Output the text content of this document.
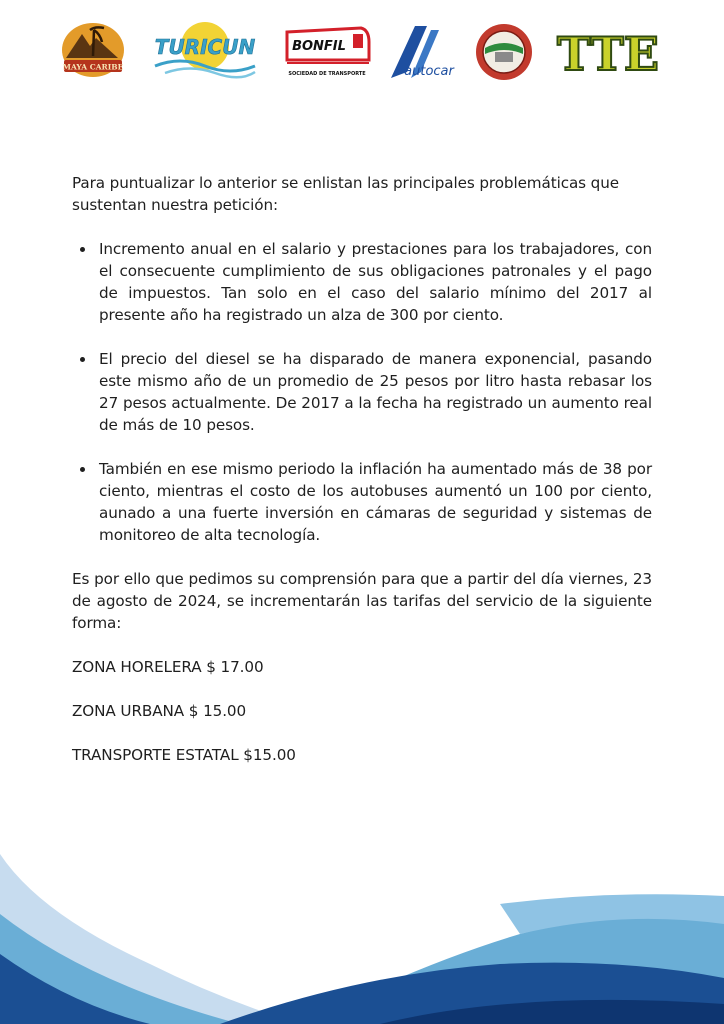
MAYA CARIBE
TURICUN	BONFIL
SOCIEDAD DE TRANSPORTE	autocar TTE

Para puntualizar lo anterior se enlistan las principales problemáticas que sustentan nuestra petición:

Incremento anual en el salario y prestaciones para los trabajadores, con el consecuente cumplimiento de sus obligaciones patronales y el pago de impuestos. Tan solo en el caso del salario mínimo del 2017 al presente año ha registrado un alza de 300 por ciento.
El precio del diesel se ha disparado de manera exponencial, pasando este mismo año de un promedio de 25 pesos por litro hasta rebasar los 27 pesos actualmente. De 2017 a la fecha ha registrado un aumento real de más de 10 pesos.
También en ese mismo periodo la inflación ha aumentado más de 38 por ciento, mientras el costo de los autobuses aumentó un 100 por ciento, aunado a una fuerte inversión en cámaras de seguridad y sistemas de monitoreo de alta tecnología.

Es por ello que pedimos su comprensión para que a partir del día viernes, 23 de agosto de 2024, se incrementarán las tarifas del servicio de la siguiente forma:

ZONA HORELERA $ 17.00

ZONA URBANA $ 15.00

TRANSPORTE ESTATAL $15.00
